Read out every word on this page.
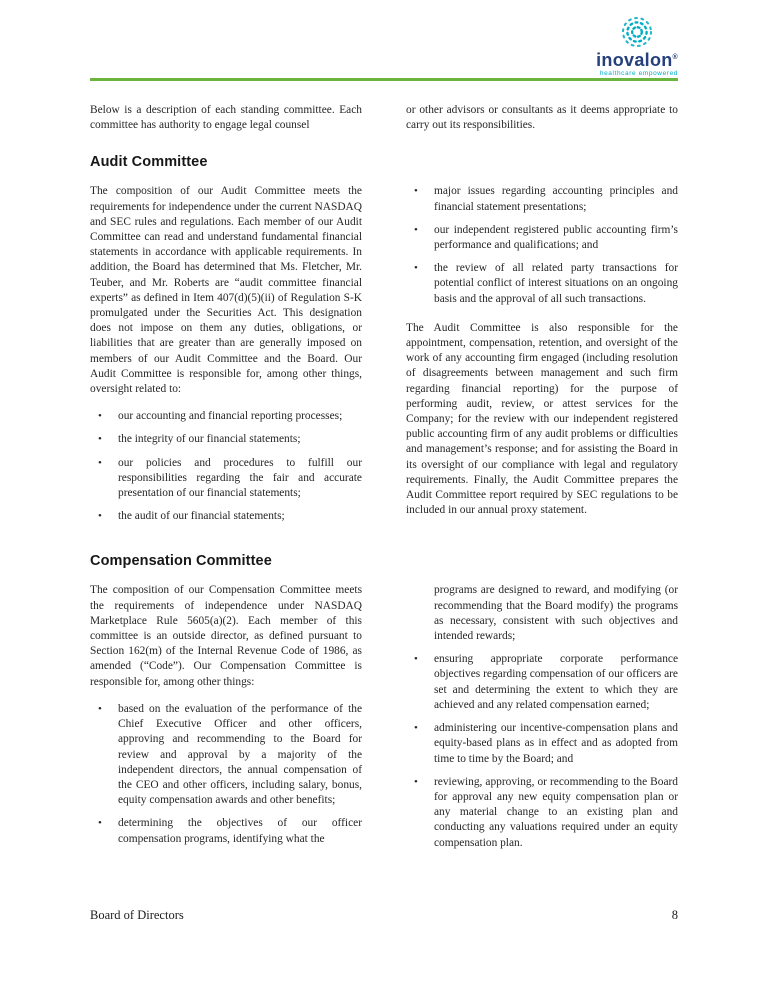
inovalon®
healthcare empowered

Below is a description of each standing committee. Each committee has authority to engage legal counsel

or other advisors or consultants as it deems appropriate to carry out its responsibilities.

Audit Committee

The composition of our Audit Committee meets the requirements for independence under the current NASDAQ and SEC rules and regulations. Each member of our Audit Committee can read and understand fundamental financial statements in accordance with applicable requirements. In addition, the Board has determined that Ms. Fletcher, Mr. Teuber, and Mr. Roberts are “audit committee financial experts” as defined in Item 407(d)(5)(ii) of Regulation S-K promulgated under the Securities Act. This designation does not impose on them any duties, obligations, or liabilities that are greater than are generally imposed on members of our Audit Committee and the Board. Our Audit Committee is responsible for, among other things, oversight related to:

• our accounting and financial reporting processes;
• the integrity of our financial statements;
• our policies and procedures to fulfill our responsibilities regarding the fair and accurate presentation of our financial statements;
• the audit of our financial statements;
• major issues regarding accounting principles and financial statement presentations;
• our independent registered public accounting firm’s performance and qualifications; and
• the review of all related party transactions for potential conflict of interest situations on an ongoing basis and the approval of all such transactions.

The Audit Committee is also responsible for the appointment, compensation, retention, and oversight of the work of any accounting firm engaged (including resolution of disagreements between management and such firm regarding financial reporting) for the purpose of performing audit, review, or attest services for the Company; for the review with our independent registered public accounting firm of any audit problems or difficulties and management’s response; and for assisting the Board in its oversight of our compliance with legal and regulatory requirements. Finally, the Audit Committee prepares the Audit Committee report required by SEC regulations to be included in our annual proxy statement.

Compensation Committee

The composition of our Compensation Committee meets the requirements of independence under NASDAQ Marketplace Rule 5605(a)(2). Each member of this committee is an outside director, as defined pursuant to Section 162(m) of the Internal Revenue Code of 1986, as amended (“Code”). Our Compensation Committee is responsible for, among other things:

• based on the evaluation of the performance of the Chief Executive Officer and other officers, approving and recommending to the Board for review and approval by a majority of the independent directors, the annual compensation of the CEO and other officers, including salary, bonus, equity compensation awards and other benefits;
• determining the objectives of our officer compensation programs, identifying what the

programs are designed to reward, and modifying (or recommending that the Board modify) the programs as necessary, consistent with such objectives and intended rewards;

• ensuring appropriate corporate performance objectives regarding compensation of our officers are set and determining the extent to which they are achieved and any related compensation earned;
• administering our incentive-compensation plans and equity-based plans as in effect and as adopted from time to time by the Board; and
• reviewing, approving, or recommending to the Board for approval any new equity compensation plan or any material change to an existing plan and conducting any valuations required under an equity compensation plan.
Board of Directors	8
